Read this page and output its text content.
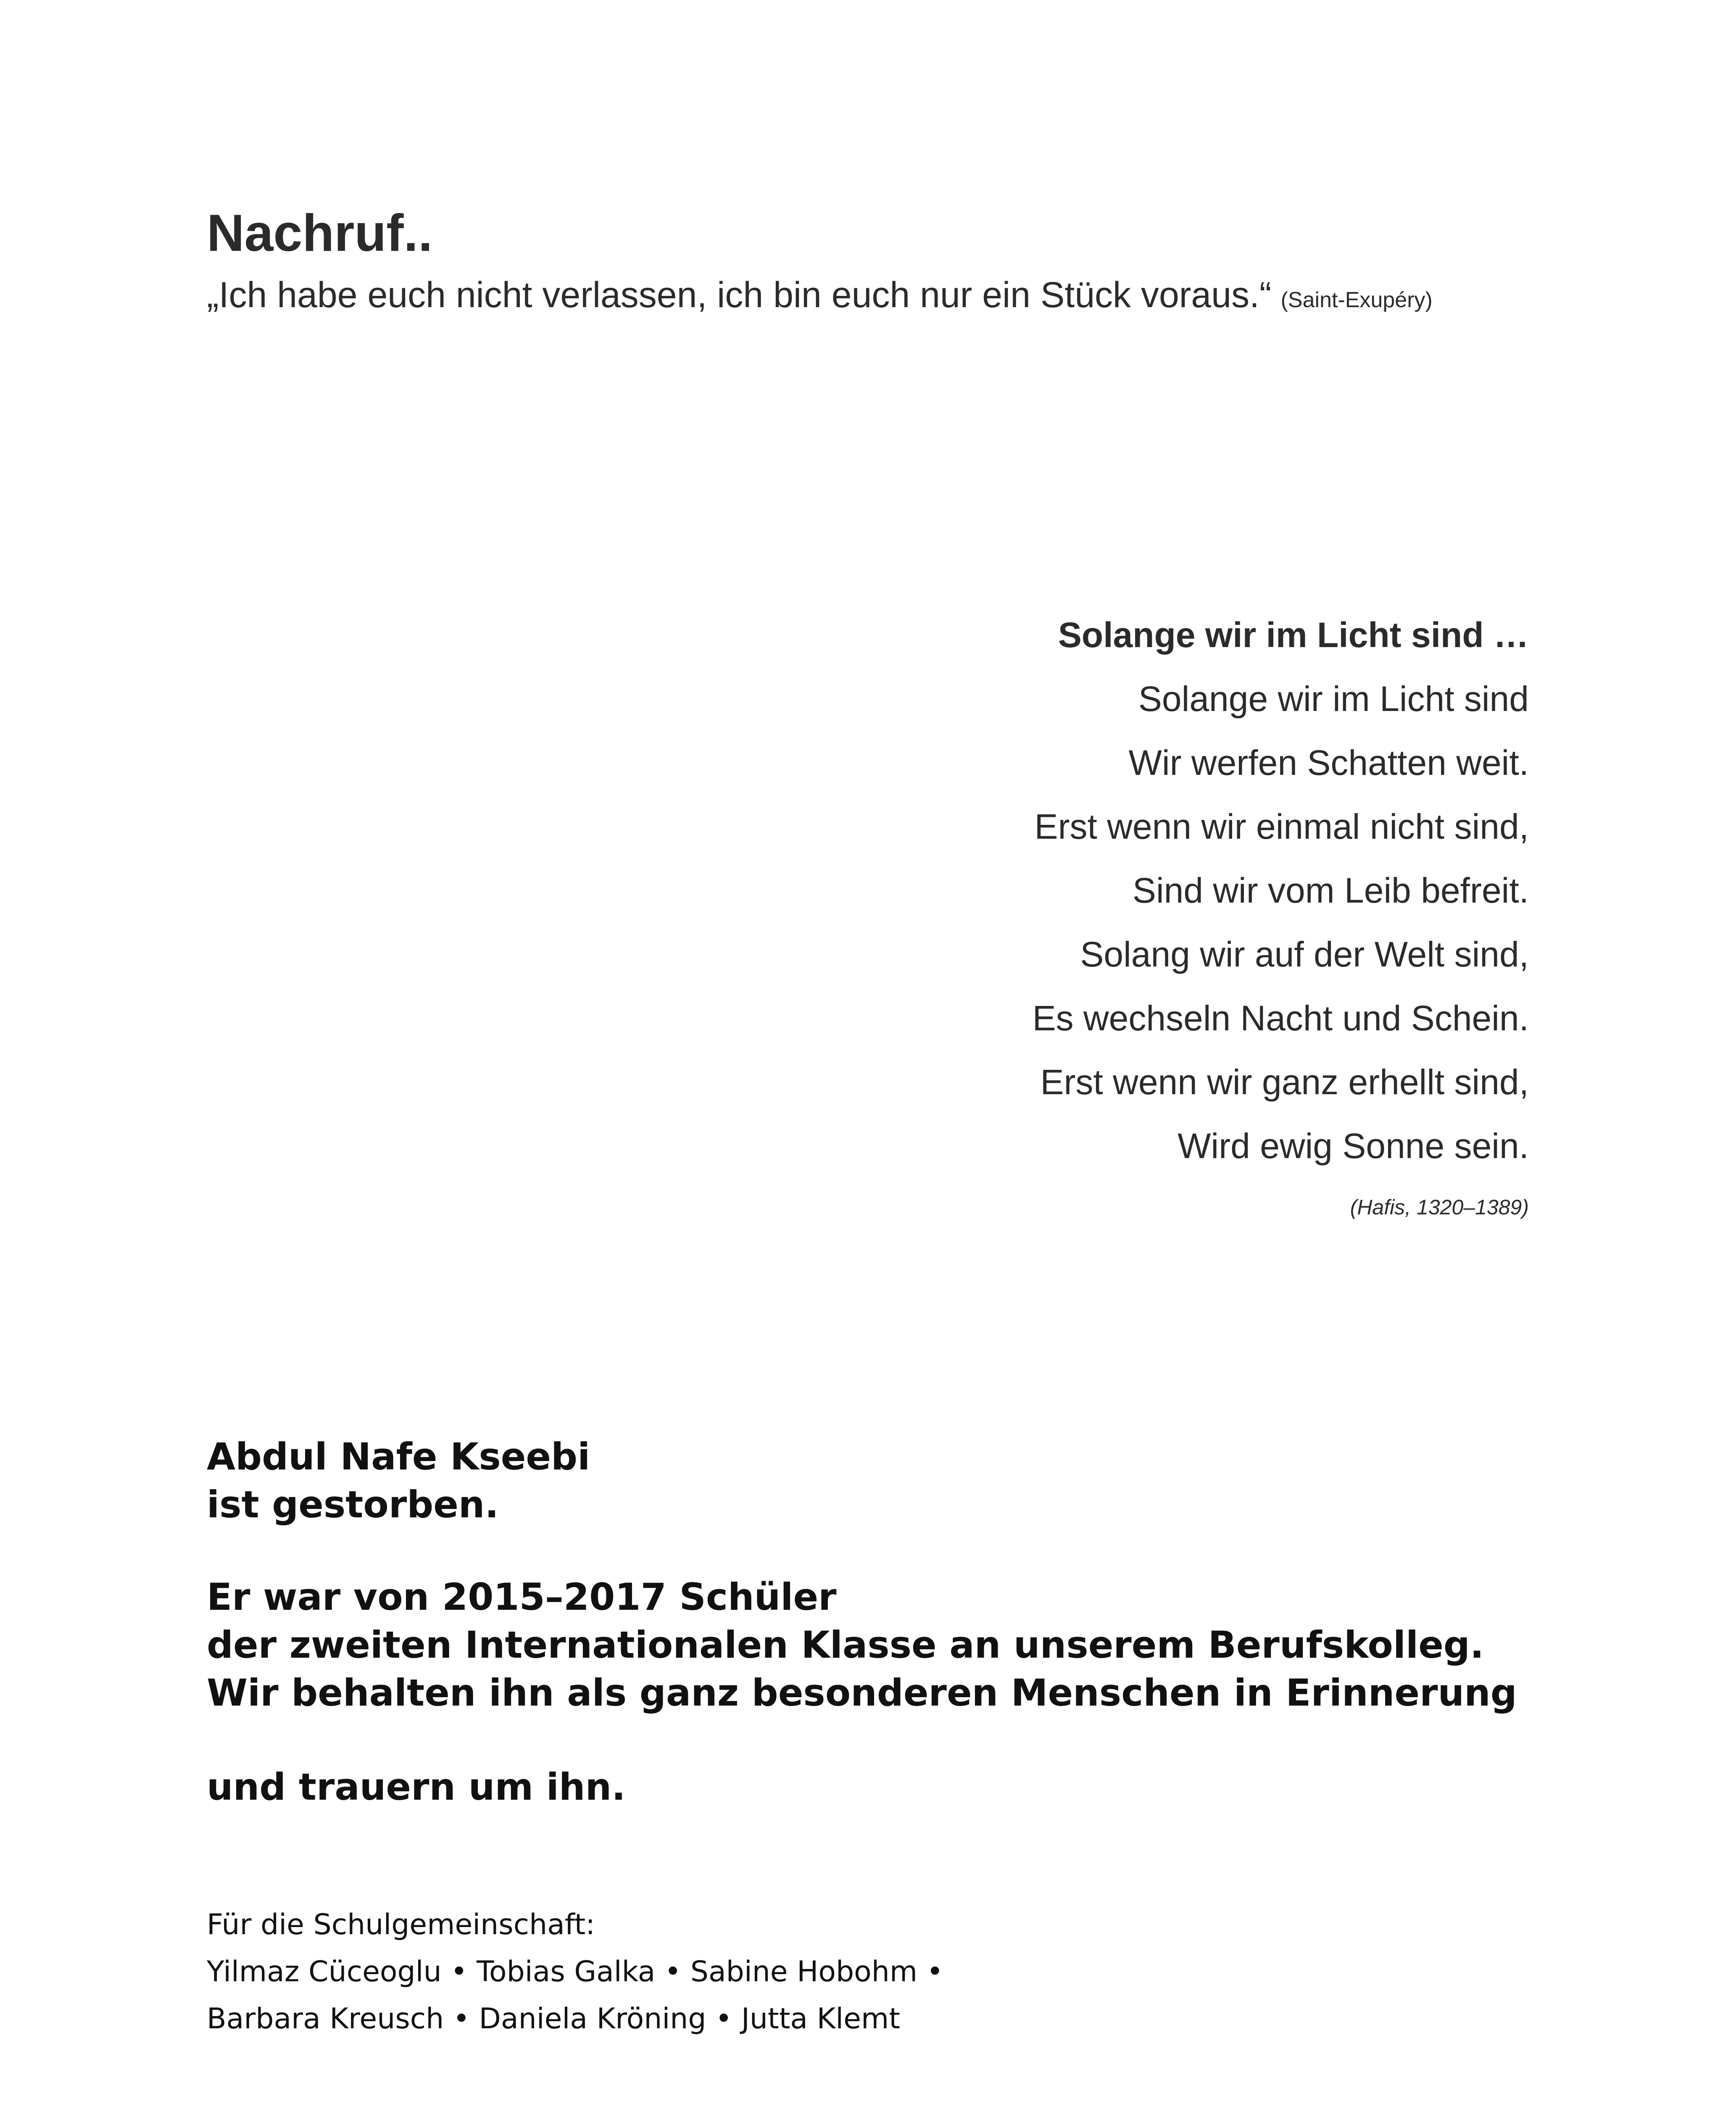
Nachruf..
„Ich habe euch nicht verlassen, ich bin euch nur ein Stück voraus.“ (Saint-Exupéry)
Solange wir im Licht sind …
Solange wir im Licht sind
Wir werfen Schatten weit.
Erst wenn wir einmal nicht sind,
Sind wir vom Leib befreit.
Solang wir auf der Welt sind,
Es wechseln Nacht und Schein.
Erst wenn wir ganz erhellt sind,
Wird ewig Sonne sein.
(Hafis, 1320–1389)
Abdul Nafe Kseebi
ist gestorben.
Er war von 2015–2017 Schüler
der zweiten Internationalen Klasse an unserem Berufskolleg.
Wir behalten ihn als ganz besonderen Menschen in Erinnerung
und trauern um ihn.
Für die Schulgemeinschaft:
Yilmaz Cüceoglu • Tobias Galka • Sabine Hobohm •
Barbara Kreusch • Daniela Kröning • Jutta Klemt
